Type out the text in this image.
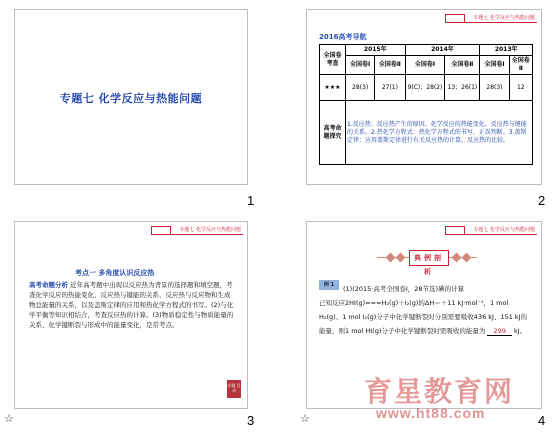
专题七 化学反应与热能问题
1
专题七 化学反应与热能问题
2016高考导航
全国卷考查	2015年		2014年		2013年	
	全国卷Ⅰ	全国卷Ⅱ	全国卷Ⅰ	全国卷Ⅱ	全国卷Ⅰ	全国卷Ⅱ
★★★	28(3)	27(1)	9(C)；28(2)	13；26(1)	28(3)	12
高考命题探究	1.反应热：反应热产生的原因、化学反应的热能变化、反应热与键能的关系。2.热化学方程式：热化学方程式的书写、正误判断。3.盖斯定律：应用盖斯定律进行有关反应热的计算，反应热的比较。					
2
专题七 化学反应与热能问题
考点一 多角度认识反应热
高考命题分析 近年高考题中出现以反应热为背景的选择题和填空题，考查化学反应的热能变化、反应热与键能的关系、反应热与反应物和生成物总能量的关系，以及盖斯定律的应用和热化学方程式的书写。(2)与化学平衡等知识相结合，考查反应热的计算。(3)物质稳定性与物质能量的关系、化学键断裂与形成中的能量变化，是常考点。
专题 目录
☆	3
专题七 化学反应与热能问题
典例剖析
例 1	(1)(2015·高考全国卷Ⅰ，28节选)碘的计算
已知反应2HI(g)===H₂(g)＋I₂(g)的ΔH＝＋11 kJ·mol⁻¹，1 mol H₂(g)、1 mol I₂(g)分子中化学键断裂时分别需要吸收436 kJ、151 kJ的能量，则1 mol HI(g)分子中化学键断裂时需吸收的能量为 299 kJ。
☆	4
育星教育网
www.ht88.com
